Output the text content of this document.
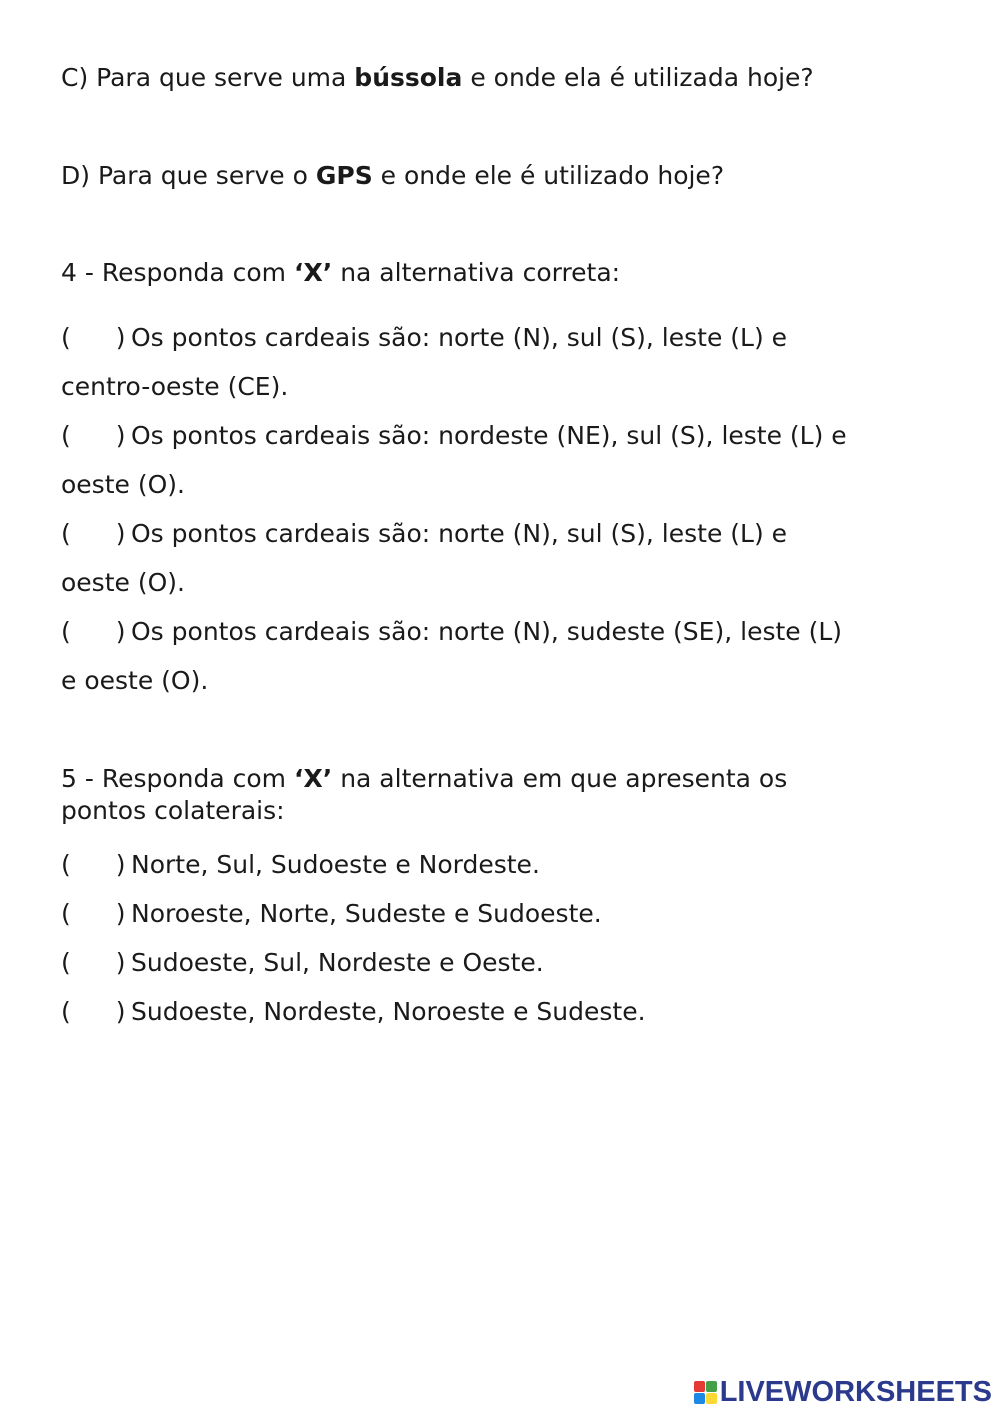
C) Para que serve uma bússola e onde ela é utilizada hoje?
D) Para que serve o GPS e onde ele é utilizado hoje?
4 - Responda com ‘X’ na alternativa correta:
( ) Os pontos cardeais são: norte (N), sul (S), leste (L) e
centro-oeste (CE).
( ) Os pontos cardeais são: nordeste (NE), sul (S), leste (L) e
oeste (O).
( ) Os pontos cardeais são: norte (N), sul (S), leste (L) e
oeste (O).
( ) Os pontos cardeais são: norte (N), sudeste (SE), leste (L)
e oeste (O).
5 - Responda com ‘X’ na alternativa em que apresenta os
pontos colaterais:
( ) Norte, Sul, Sudoeste e Nordeste.
( ) Noroeste, Norte, Sudeste e Sudoeste.
( ) Sudoeste, Sul, Nordeste e Oeste.
( ) Sudoeste, Nordeste, Noroeste e Sudeste.
LIVEWORKSHEETS
